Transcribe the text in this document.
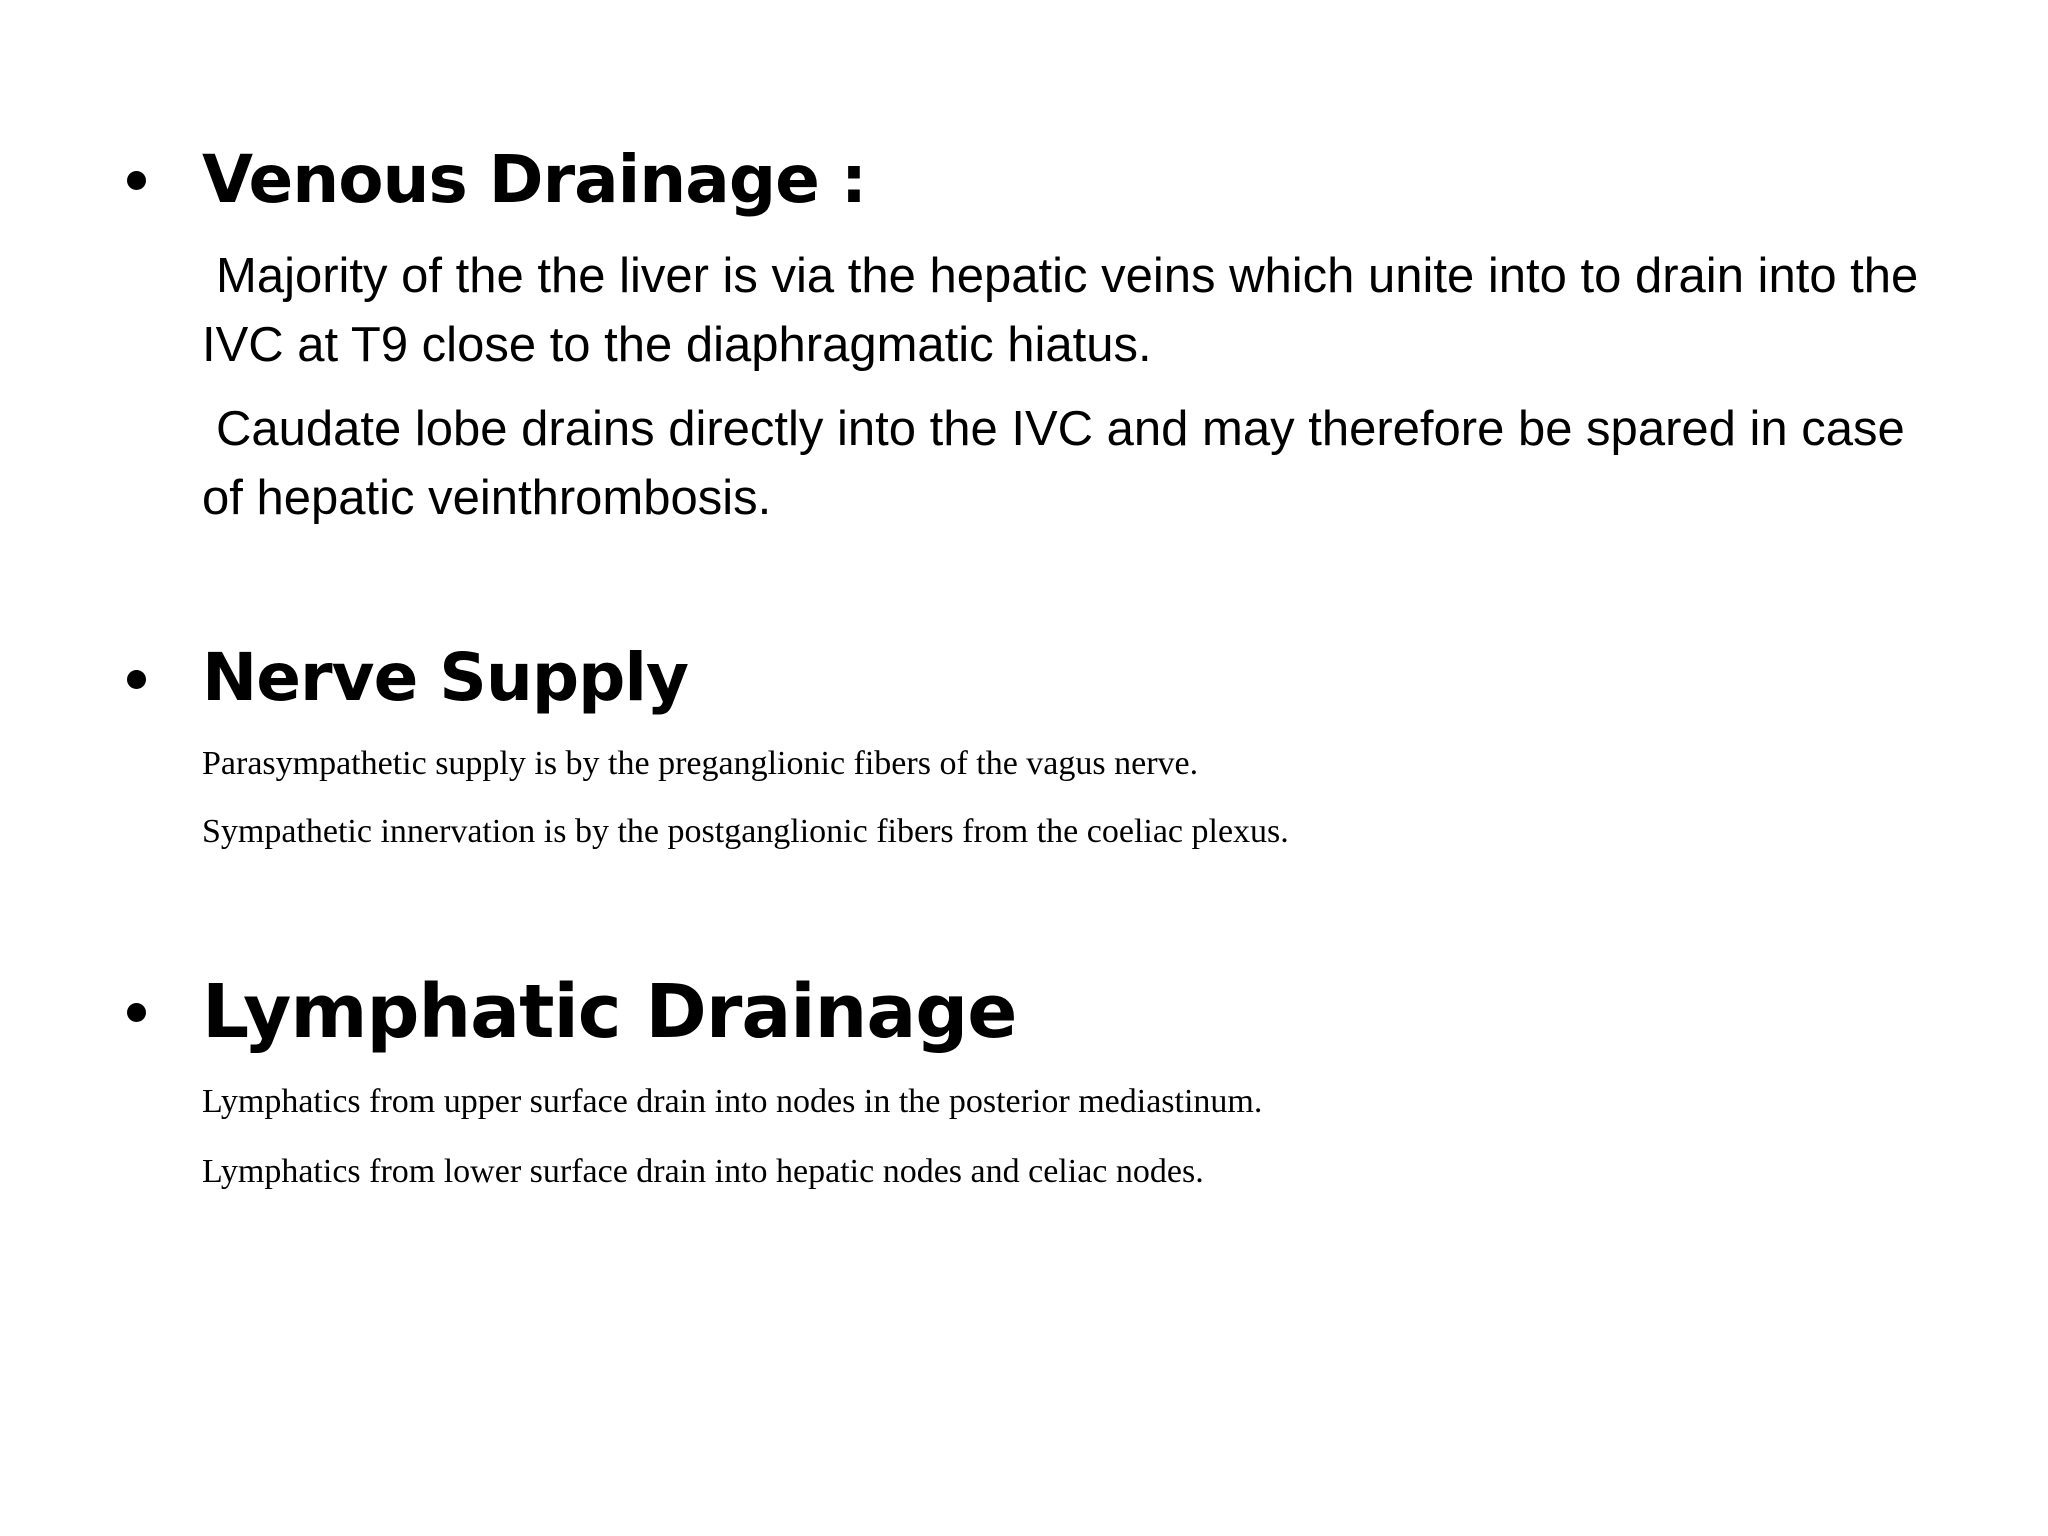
Venous Drainage :

Majority of the the liver is via the hepatic veins which unite into to drain into the IVC at T9 close to the diaphragmatic hiatus.

Caudate lobe drains directly into the IVC and may therefore be spared in case of hepatic veinthrombosis.

Nerve Supply

Parasympathetic supply is by the preganglionic fibers of the vagus nerve.

Sympathetic innervation is by the postganglionic fibers from the coeliac plexus.

Lymphatic Drainage

Lymphatics from upper surface drain into nodes in the posterior mediastinum.

Lymphatics from lower surface drain into hepatic nodes and celiac nodes.
